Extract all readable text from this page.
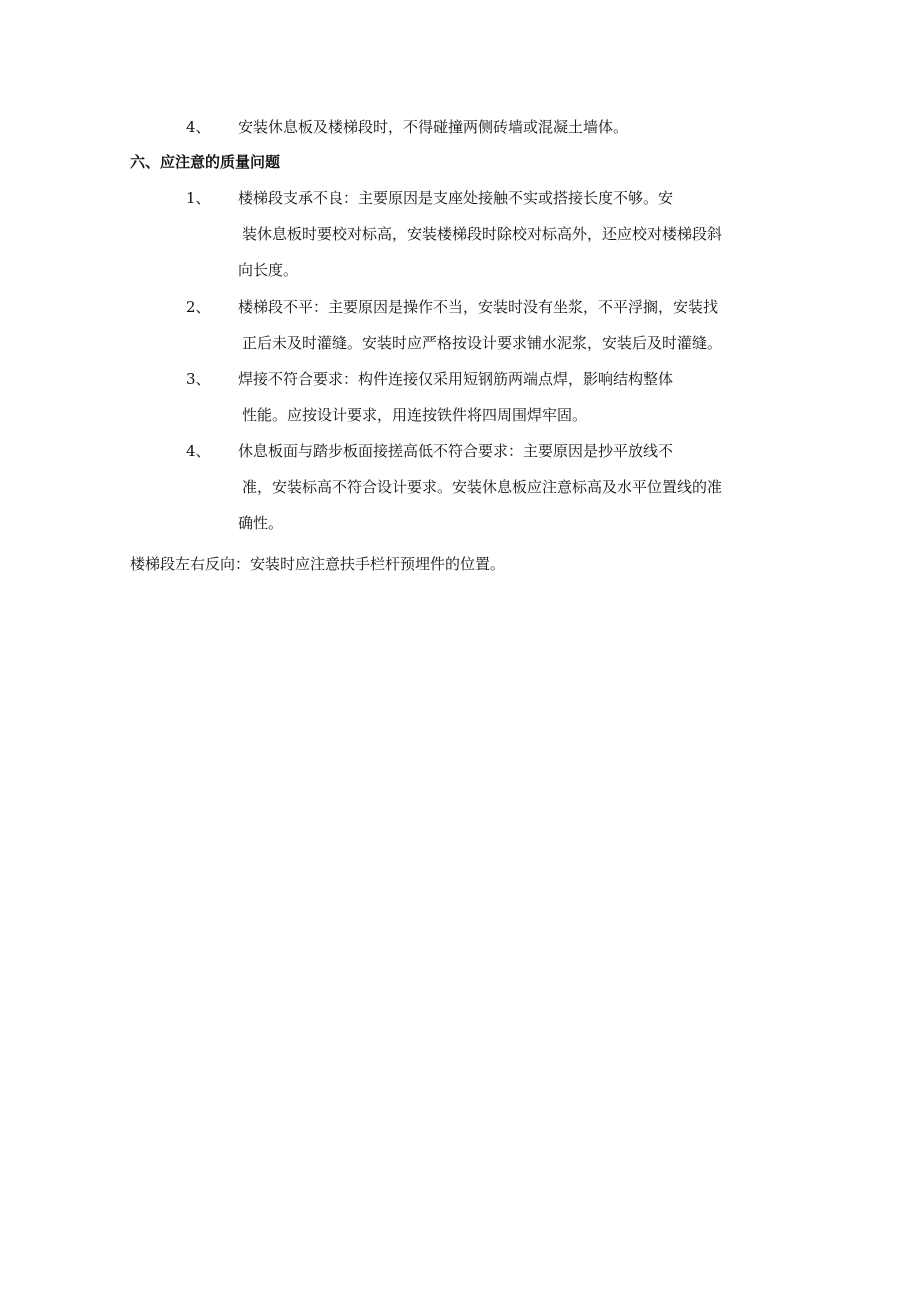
4、 安装休息板及楼梯段时，不得碰撞两侧砖墙或混凝土墙体。
六、应注意的质量问题
1、 楼梯段支承不良：主要原因是支座处接触不实或搭接长度不够。安
装休息板时要校对标高，安装楼梯段时除校对标高外，还应校对楼梯段斜
向长度。
2、 楼梯段不平：主要原因是操作不当，安装时没有坐浆，不平浮搁，安装找
正后未及时灌缝。安装时应严格按设计要求铺水泥浆，安装后及时灌缝。
3、 焊接不符合要求：构件连接仅采用短钢筋两端点焊，影响结构整体
性能。应按设计要求，用连按铁件将四周围焊牢固。
4、 休息板面与踏步板面接搓高低不符合要求：主要原因是抄平放线不
准，安装标高不符合设计要求。安装休息板应注意标高及水平位置线的准
确性。
楼梯段左右反向：安装时应注意扶手栏杆预埋件的位置。
